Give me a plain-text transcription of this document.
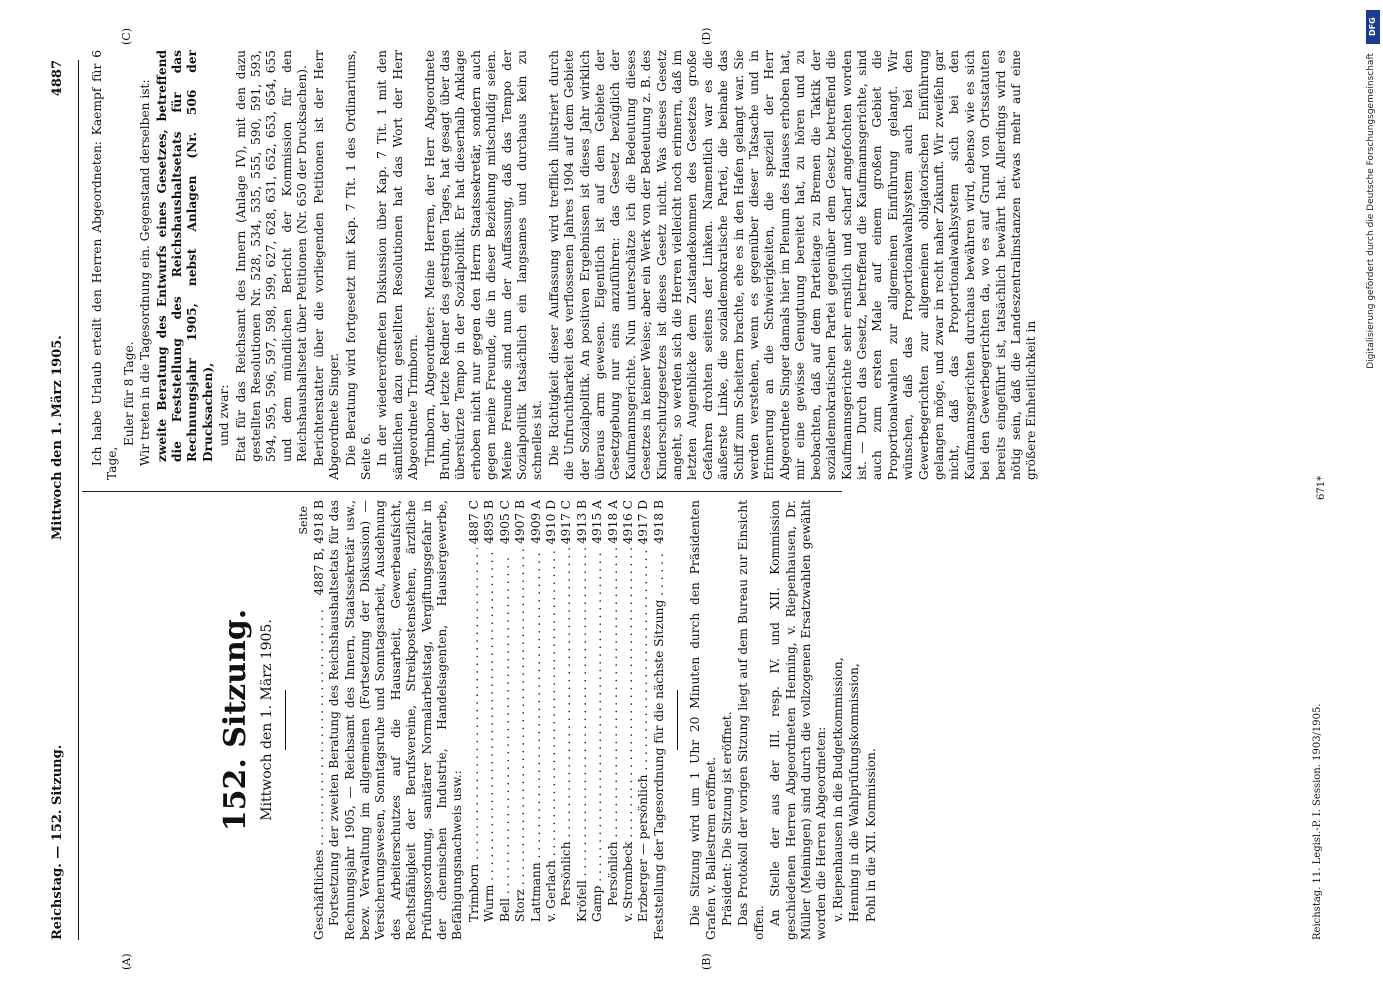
Reichstag. — 152. Sitzung.
Mittwoch den 1. März 1905.
4887
(A)	(B)
(C)	(D)
152. Sitzung. Mittwoch den 1. März 1905.
Seite
Geschäftliches . . .
4887 B, 4918 B Fortsetzung der zweiten Beratung des Reichshaushaltsetats für das Rechnungsjahr 1905, — Reichsamt des Innern, Staatssekretär usw., bezw. Verwaltung im allgemeinen (Fortsetzung der Diskussion) — Versicherungswesen, Sonntagsruhe und Sonntagsarbeit, Ausdehnung des Arbeiterschutzes auf die Hausarbeit, Gewerbeaufsicht, Rechtsfähigkeit der Berufsvereine, Streikpostenstehen, ärztliche Prüfungsordnung, sanitärer Normalarbeitstag, Vergiftungsgefahr in der chemischen Industrie, Handelsagenten, Hausiergewerbe, Befähigungsnachweis usw.: Trimborn . . .
4887 C
Wurm . . .
4895 B
Bell . . .
4905 C
Storz . . .
4907 B
Lattmann . . .
4909 A
v. Gerlach . . .
4910 D
Persönlich . . .
4917 C
Kröfell . . .
4913 B
Gamp . . .
4915 A
Persönlich . . .
4918 A
v. Strombeck . . .
4916 C
Erzberger — persönlich . . .
4917 D
Feststellung der Tagesordnung für die nächste Sitzung . . .
4918 B Die Sitzung wird um 1 Uhr 20 Minuten durch den Präsidenten Grafen v. Ballestrem eröffnet. Präsident: Die Sitzung ist eröffnet. Das Protokoll der vorigen Sitzung liegt auf dem Bureau zur Einsicht offen. An Stelle der aus der III. resp. IV. und XII. Kommission geschiedenen Herren Abgeordneten Henning, v. Riepenhausen, Dr. Müller (Meiningen) sind durch die vollzogenen Ersatzwahlen gewählt worden die Herren Abgeordneten: v. Riepenhausen in die Budgetkommission, Henning in die Wahlprüfungskommission, Pohl in die XII. Kommission.

Ich habe Urlaub erteilt den Herren Abgeordneten: Kaempf für 6 Tage,

Euler für 8 Tage. Wir treten in die Tagesordnung ein. Gegenstand derselben ist: zweite Beratung des Entwurfs eines Gesetzes, betreffend die Feststellung des Reichshaushaltsetats für das Rechnungsjahr 1905, nebst Anlagen (Nr. 506 der Drucksachen), und zwar: Etat für das Reichsamt des Innern (Anlage IV), mit den dazu gestellten Resolutionen Nr. 528, 534, 535, 555, 590, 591, 593, 594, 595, 596, 597, 598, 599, 627, 628, 631, 652, 653, 654, 655 und dem mündlichen Bericht der Kommission für den Reichshaushaltsetat über Petitionen (Nr. 650 der Drucksachen). Berichterstatter über die vorliegenden Petitionen ist der Herr Abgeordnete Singer. Die Beratung wird fortgesetzt mit Kap. 7 Tit. 1 des Ordinariums, Seite 6. In der wiedereröffneten Diskussion über Kap. 7 Tit. 1 mit den sämtlichen dazu gestellten Resolutionen hat das Wort der Herr Abgeordnete Trimborn. Trimborn, Abgeordneter: Meine Herren, der Herr Abgeordnete Bruhn, der letzte Redner des gestrigen Tages, hat gesagt über das überstürzte Tempo in der Sozialpolitik. Er hat dieserhalb Anklage erhoben nicht nur gegen den Herrn Staatssekretär, sondern auch gegen meine Freunde, die in dieser Beziehung mitschuldig seien. Meine Freunde sind nun der Auffassung, daß das Tempo der Sozialpolitik tatsächlich ein langsames und durchaus kein zu schnelles ist. Die Richtigkeit dieser Auffassung wird trefflich illustriert durch die Unfruchtbarkeit des verflossenen Jahres 1904 auf dem Gebiete der Sozialpolitik. An positiven Ergebnissen ist dieses Jahr wirklich überaus arm gewesen. Eigentlich ist auf dem Gebiete der Gesetzgebung nur eins anzuführen: das Gesetz bezüglich der Kaufmannsgerichte. Nun unterschätze ich die Bedeutung dieses Gesetzes in keiner Weise; aber ein Werk von der Bedeutung z. B. des Kinderschutzgesetzes ist dieses Gesetz nicht. Was dieses Gesetz angeht, so werden sich die Herren vielleicht noch erinnern, daß im letzten Augenblicke dem Zustandekommen des Gesetzes große Gefahren drohten seitens der Linken. Namentlich war es die äußerste Linke, die sozialdemokratische Partei, die beinahe das Schiff zum Scheitern brachte, ehe es in den Hafen gelangt war. Sie werden verstehen, wenn es gegenüber dieser Tatsache und in Erinnerung an die Schwierigkeiten, die speziell der Herr Abgeordnete Singer damals hier im Plenum des Hauses erhoben hat, mir eine gewisse Genugtuung bereitet hat, zu hören und zu beobachten, daß auf dem Parteitage zu Bremen die Taktik der sozialdemokratischen Partei gegenüber dem Gesetz betreffend die Kaufmannsgerichte sehr ernstlich und scharf angefochten worden ist. — Durch das Gesetz, betreffend die Kaufmannsgerichte, sind auch zum ersten Male auf einem großen Gebiet die Proportionalwahlen zur allgemeinen Einführung gelangt. Wir wünschen, daß das Proportionalwahlsystem auch bei den Gewerbegerichten zur allgemeinen obligatorischen Einführung gelangen möge, und zwar in recht naher Zukunft. Wir zweifeln gar nicht, daß das Proportionalwahlsystem sich bei den Kaufmannsgerichten durchaus bewähren wird, ebenso wie es sich bei den Gewerbegerichten da, wo es auf Grund von Ortsstatuten bereits eingeführt ist, tatsächlich bewährt hat. Allerdings wird es nötig sein, daß die Landeszentralinstanzen etwas mehr auf eine größere Einheitlichkeit in

Reichstag. 11. Legisl.-P. I. Session. 1903/1905.
671*
DFG
Digitalisierung gefördert durch die Deutsche Forschungsgemeinschaft
